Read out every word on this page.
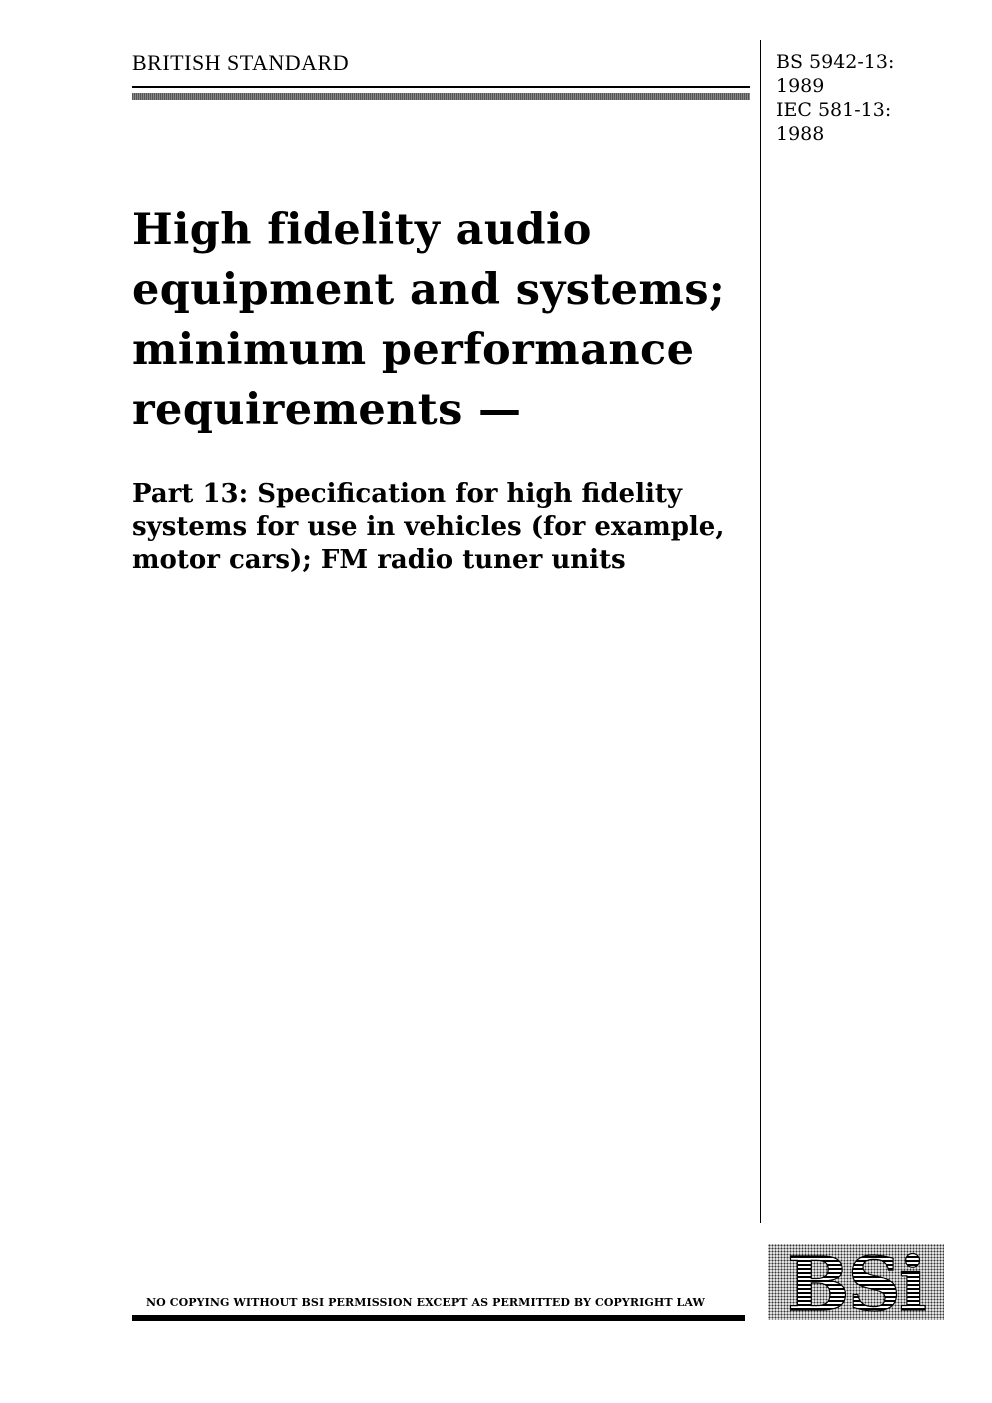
BRITISH STANDARD	BS 5942-13:
1989
IEC 581-13:
1988
High fidelity audio
equipment and systems;
minimum performance
requirements —
Part 13: Specification for high fidelity
systems for use in vehicles (for example,
motor cars); FM radio tuner units
NO COPYING WITHOUT BSI PERMISSION EXCEPT AS PERMITTED BY COPYRIGHT LAW BSi
